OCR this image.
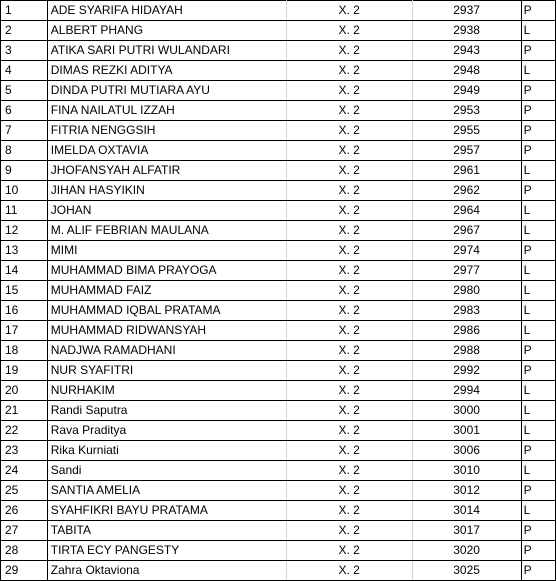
1	ADE SYARIFA HIDAYAH	X. 2	2937	P
2	ALBERT PHANG	X. 2	2938	L
3	ATIKA SARI PUTRI WULANDARI	X. 2	2943	P
4	DIMAS REZKI ADITYA	X. 2	2948	L
5	DINDA PUTRI MUTIARA AYU	X. 2	2949	P
6	FINA NAILATUL IZZAH	X. 2	2953	P
7	FITRIA NENGGSIH	X. 2	2955	P
8	IMELDA OXTAVIA	X. 2	2957	P
9	JHOFANSYAH ALFATIR	X. 2	2961	L
10	JIHAN HASYIKIN	X. 2	2962	P
11	JOHAN	X. 2	2964	L
12	M. ALIF FEBRIAN MAULANA	X. 2	2967	L
13	MIMI	X. 2	2974	P
14	MUHAMMAD BIMA PRAYOGA	X. 2	2977	L
15	MUHAMMAD FAIZ	X. 2	2980	L
16	MUHAMMAD IQBAL PRATAMA	X. 2	2983	L
17	MUHAMMAD RIDWANSYAH	X. 2	2986	L
18	NADJWA RAMADHANI	X. 2	2988	P
19	NUR SYAFITRI	X. 2	2992	P
20	NURHAKIM	X. 2	2994	L
21	Randi Saputra	X. 2	3000	L
22	Rava Praditya	X. 2	3001	L
23	Rika Kurniati	X. 2	3006	P
24	Sandi	X. 2	3010	L
25	SANTIA AMELIA	X. 2	3012	P
26	SYAHFIKRI BAYU PRATAMA	X. 2	3014	L
27	TABITA	X. 2	3017	P
28	TIRTA ECY PANGESTY	X. 2	3020	P
29	Zahra Oktaviona	X. 2	3025	P
